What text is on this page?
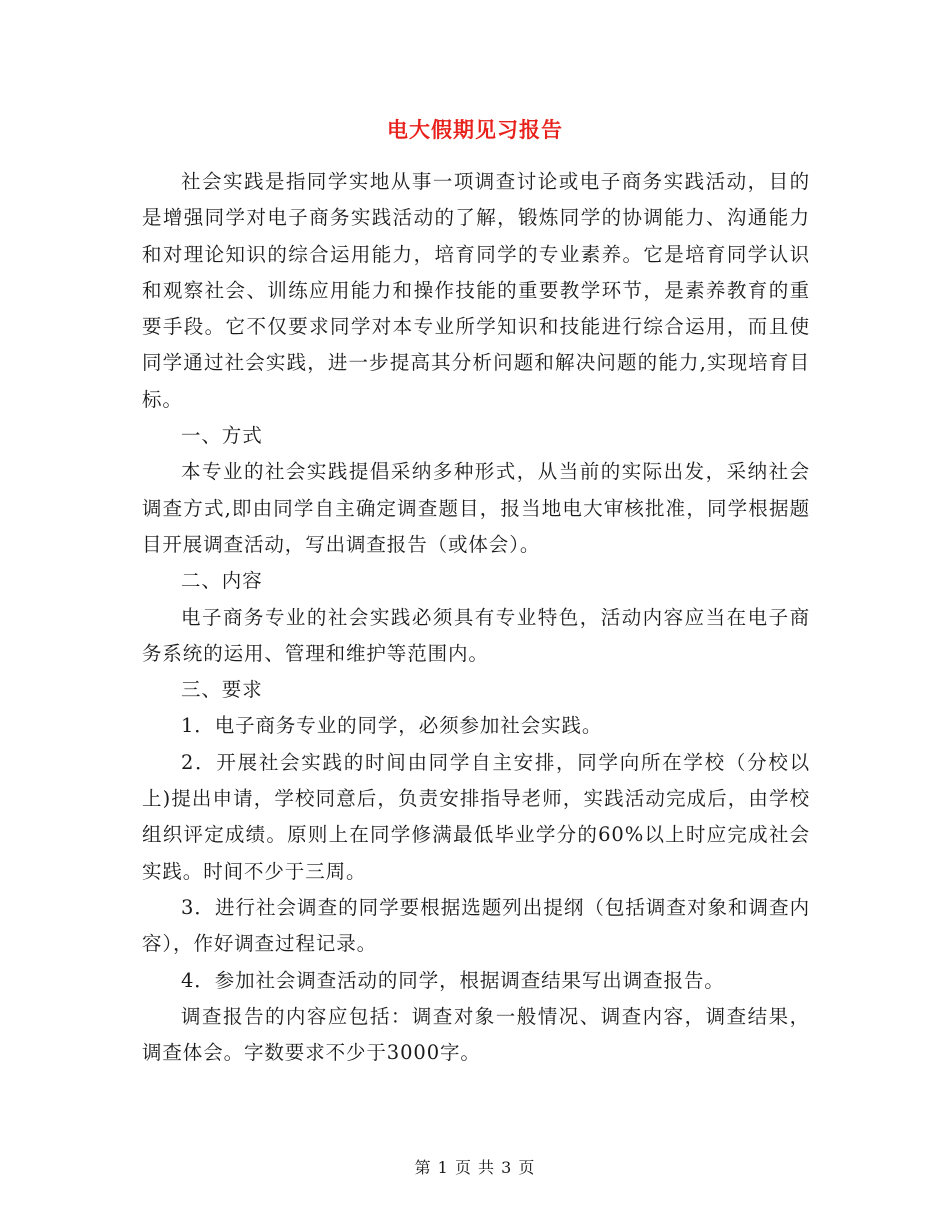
电大假期见习报告

社会实践是指同学实地从事一项调查讨论或电子商务实践活动，目的是增强同学对电子商务实践活动的了解，锻炼同学的协调能力、沟通能力和对理论知识的综合运用能力，培育同学的专业素养。它是培育同学认识和观察社会、训练应用能力和操作技能的重要教学环节，是素养教育的重要手段。它不仅要求同学对本专业所学知识和技能进行综合运用，而且使同学通过社会实践，进一步提高其分析问题和解决问题的能力,实现培育目标。

一、方式

本专业的社会实践提倡采纳多种形式，从当前的实际出发，采纳社会调查方式,即由同学自主确定调查题目，报当地电大审核批准，同学根据题目开展调查活动，写出调查报告（或体会）。

二、内容

电子商务专业的社会实践必须具有专业特色，活动内容应当在电子商务系统的运用、管理和维护等范围内。

三、要求

1．电子商务专业的同学，必须参加社会实践。

2．开展社会实践的时间由同学自主安排，同学向所在学校（分校以上)提出申请，学校同意后，负责安排指导老师，实践活动完成后，由学校组织评定成绩。原则上在同学修满最低毕业学分的60%以上时应完成社会实践。时间不少于三周。

3．进行社会调查的同学要根据选题列出提纲（包括调查对象和调查内容），作好调查过程记录。

4．参加社会调查活动的同学，根据调查结果写出调查报告。

调查报告的内容应包括：调查对象一般情况、调查内容，调查结果，调查体会。字数要求不少于3000字。

第 1 页 共 3 页
